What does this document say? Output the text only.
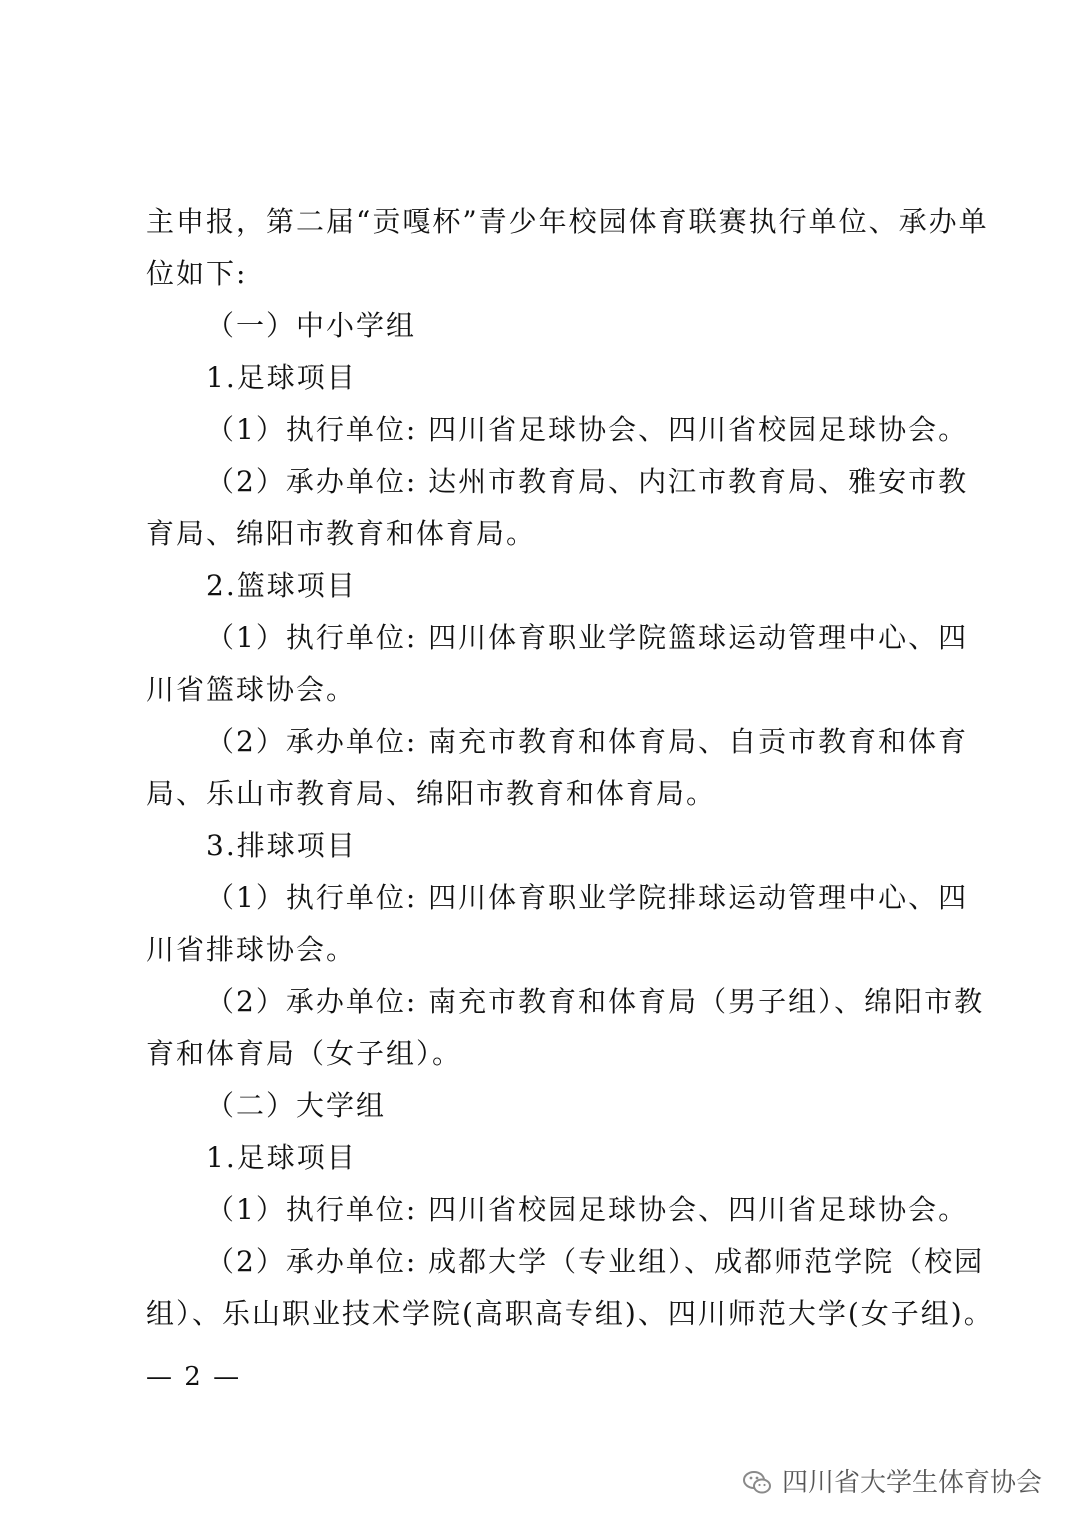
主申报，第二届“贡嘎杯”青少年校园体育联赛执行单位、承办单
位如下:
（一）中小学组
1.足球项目
（1）执行单位: 四川省足球协会、四川省校园足球协会。
（2）承办单位: 达州市教育局、内江市教育局、雅安市教
育局、绵阳市教育和体育局。
2.篮球项目
（1）执行单位: 四川体育职业学院篮球运动管理中心、四
川省篮球协会。
（2）承办单位: 南充市教育和体育局、自贡市教育和体育
局、乐山市教育局、绵阳市教育和体育局。
3.排球项目
（1）执行单位: 四川体育职业学院排球运动管理中心、四
川省排球协会。
（2）承办单位: 南充市教育和体育局（男子组）、绵阳市教
育和体育局（女子组）。
（二）大学组
1.足球项目
（1）执行单位: 四川省校园足球协会、四川省足球协会。
（2）承办单位: 成都大学（专业组）、成都师范学院（校园
组）、乐山职业技术学院(高职高专组)、四川师范大学(女子组)。
— 2 —
四川省大学生体育协会
